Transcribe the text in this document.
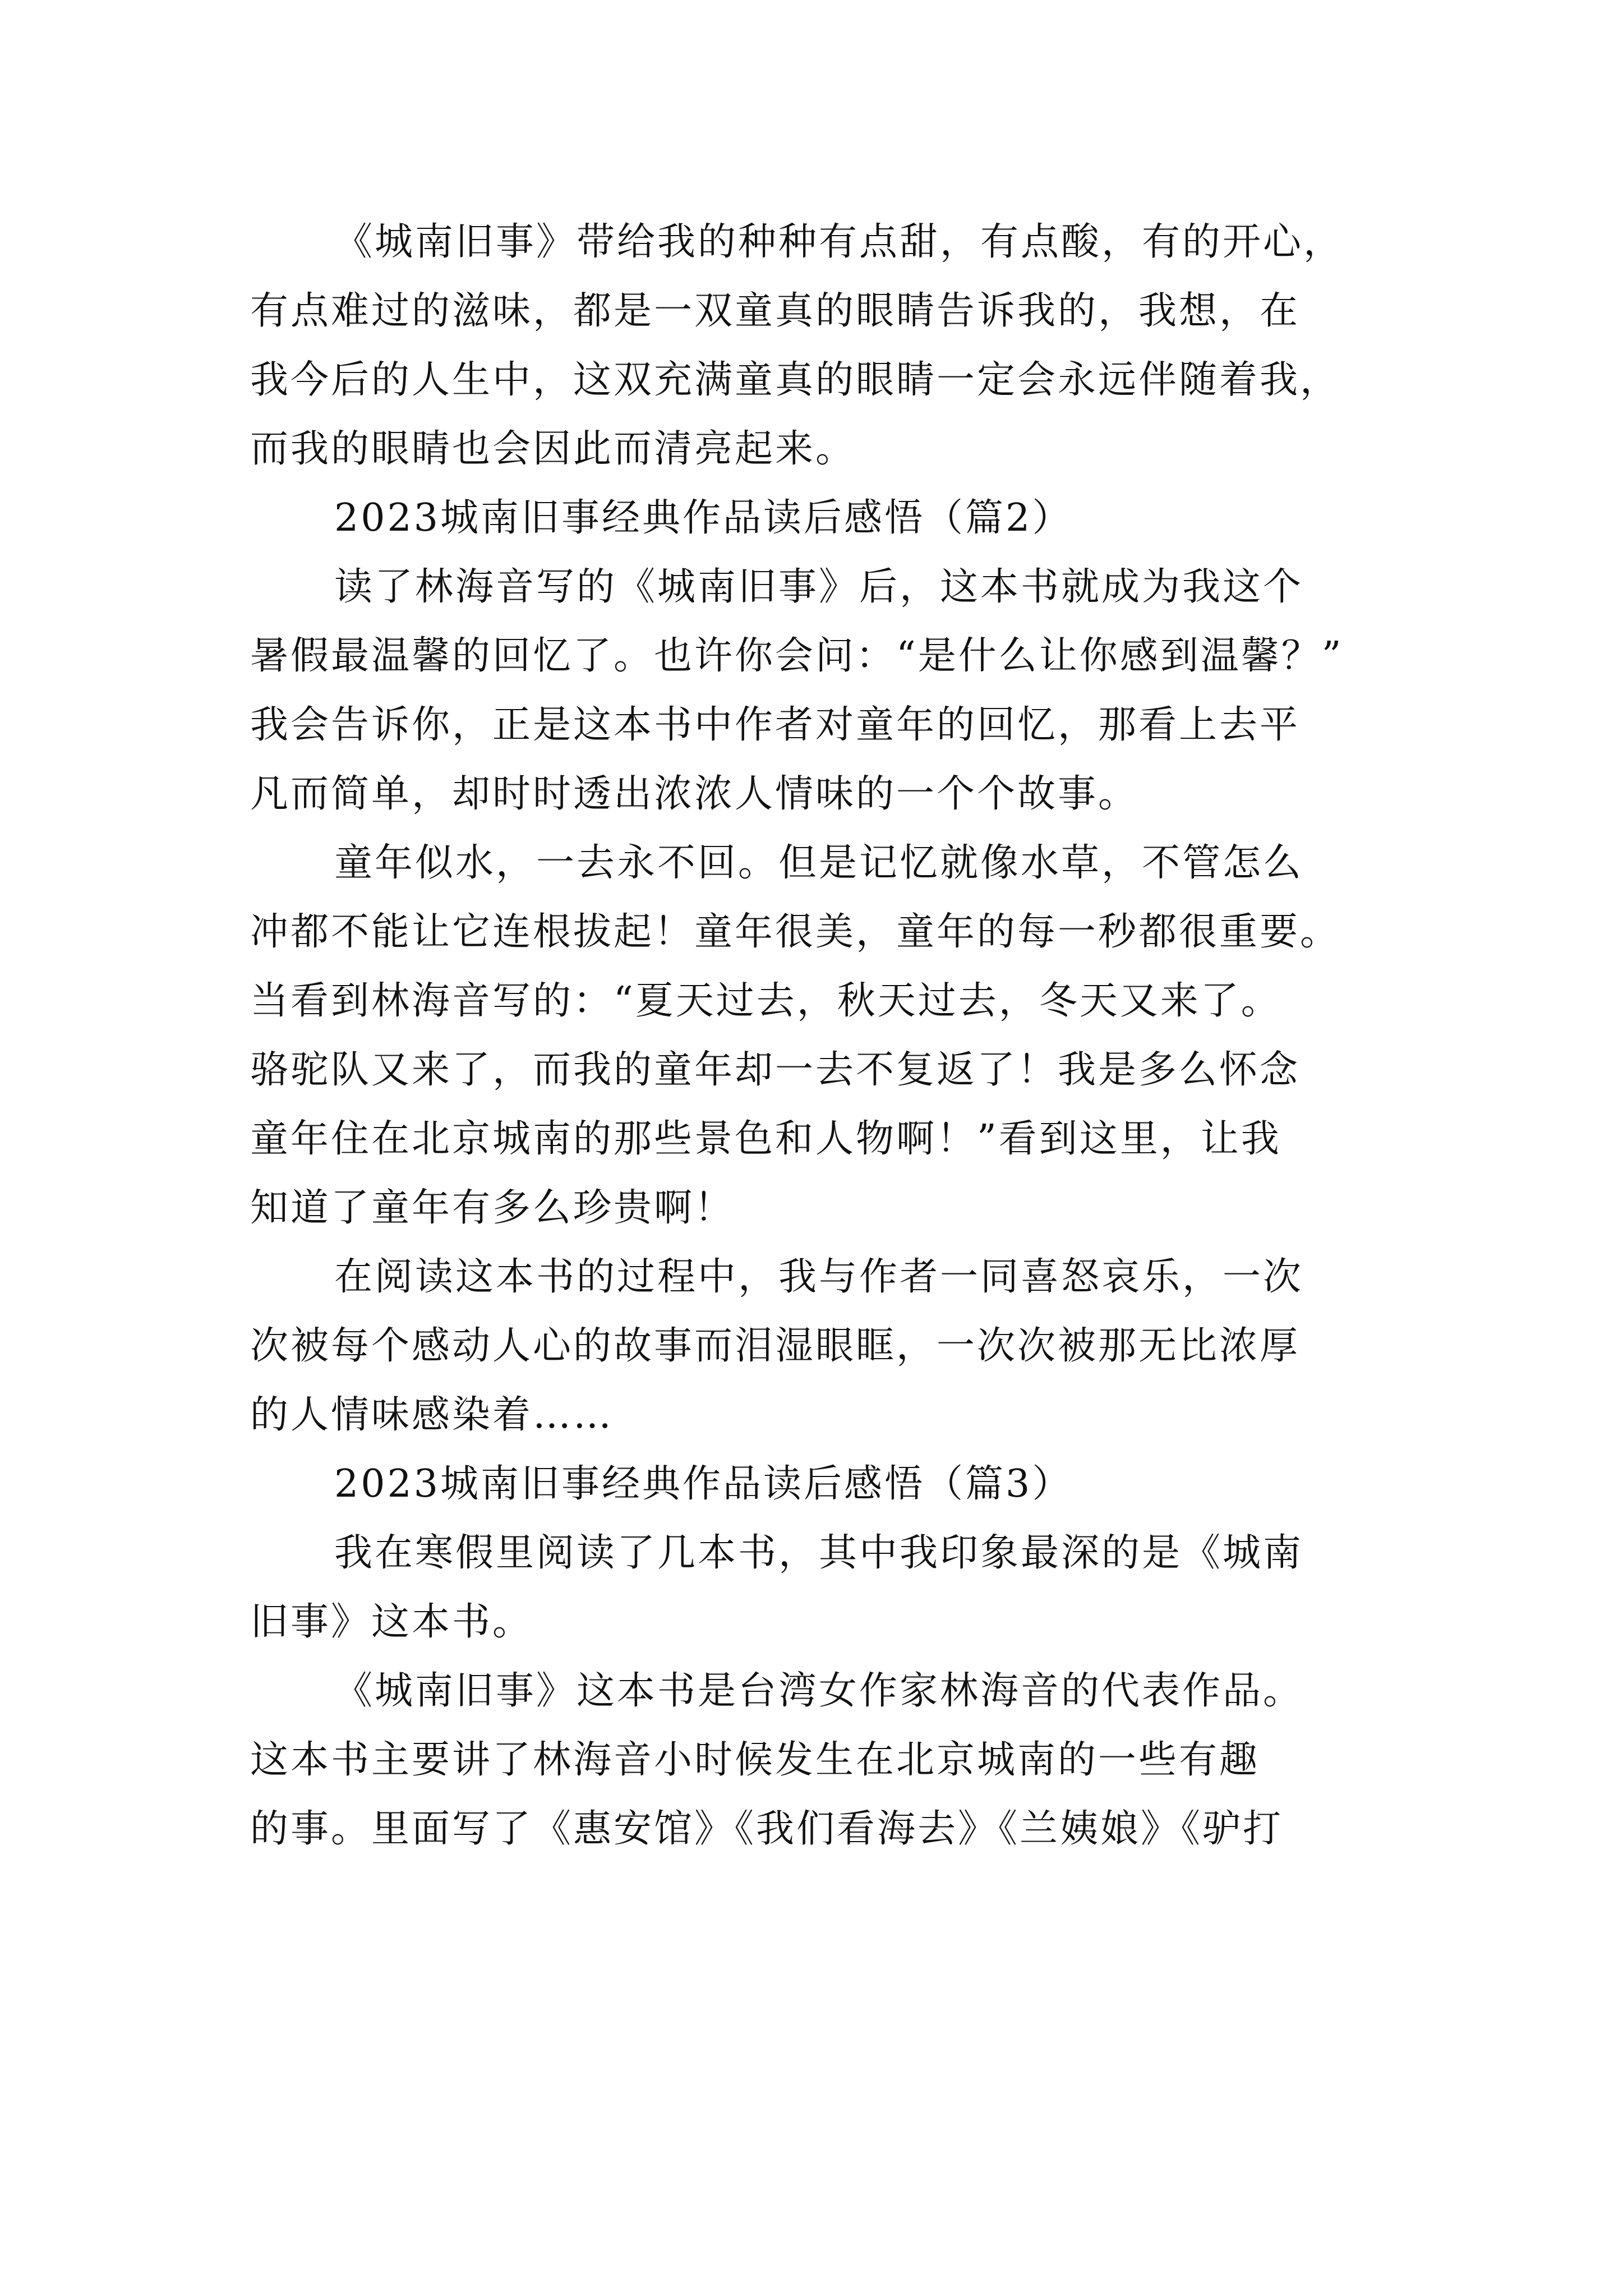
《城南旧事》带给我的种种有点甜，有点酸，有的开心，
有点难过的滋味，都是一双童真的眼睛告诉我的，我想，在
我今后的人生中，这双充满童真的眼睛一定会永远伴随着我，
而我的眼睛也会因此而清亮起来。
2023城南旧事经典作品读后感悟（篇2）
读了林海音写的《城南旧事》后，这本书就成为我这个
暑假最温馨的回忆了。也许你会问：“是什么让你感到温馨？”
我会告诉你，正是这本书中作者对童年的回忆，那看上去平
凡而简单，却时时透出浓浓人情味的一个个故事。
童年似水，一去永不回。但是记忆就像水草，不管怎么
冲都不能让它连根拔起！童年很美，童年的每一秒都很重要。
当看到林海音写的：“夏天过去，秋天过去，冬天又来了。
骆驼队又来了，而我的童年却一去不复返了！我是多么怀念
童年住在北京城南的那些景色和人物啊！”看到这里，让我
知道了童年有多么珍贵啊！
在阅读这本书的过程中，我与作者一同喜怒哀乐，一次
次被每个感动人心的故事而泪湿眼眶，一次次被那无比浓厚
的人情味感染着……
2023城南旧事经典作品读后感悟（篇3）
我在寒假里阅读了几本书，其中我印象最深的是《城南
旧事》这本书。
《城南旧事》这本书是台湾女作家林海音的代表作品。
这本书主要讲了林海音小时候发生在北京城南的一些有趣
的事。里面写了《惠安馆》《我们看海去》《兰姨娘》《驴打
